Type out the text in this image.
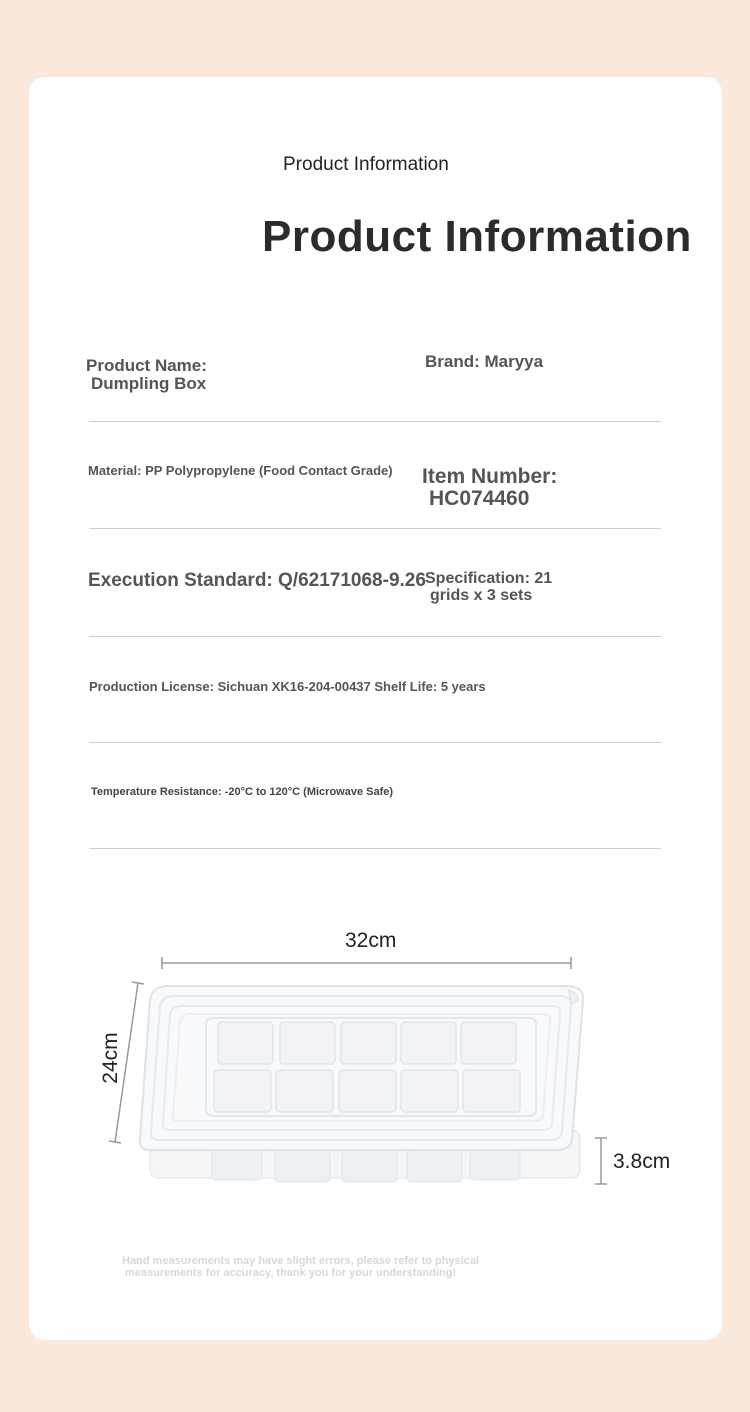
Product Information
Product Information
Product Name:
Dumpling Box
Brand: Maryya
Material: PP Polypropylene (Food Contact Grade) Item Number:
HC074460
Execution Standard: Q/62171068-9.26 Specification: 21
grids x 3 sets
Production License: Sichuan XK16-204-00437 Shelf Life: 5 years
Temperature Resistance: -20°C to 120°C (Microwave Safe)
32cm
24cm
3.8cm
Hand measurements may have slight errors, please refer to physical
measurements for accuracy, thank you for your understanding!
